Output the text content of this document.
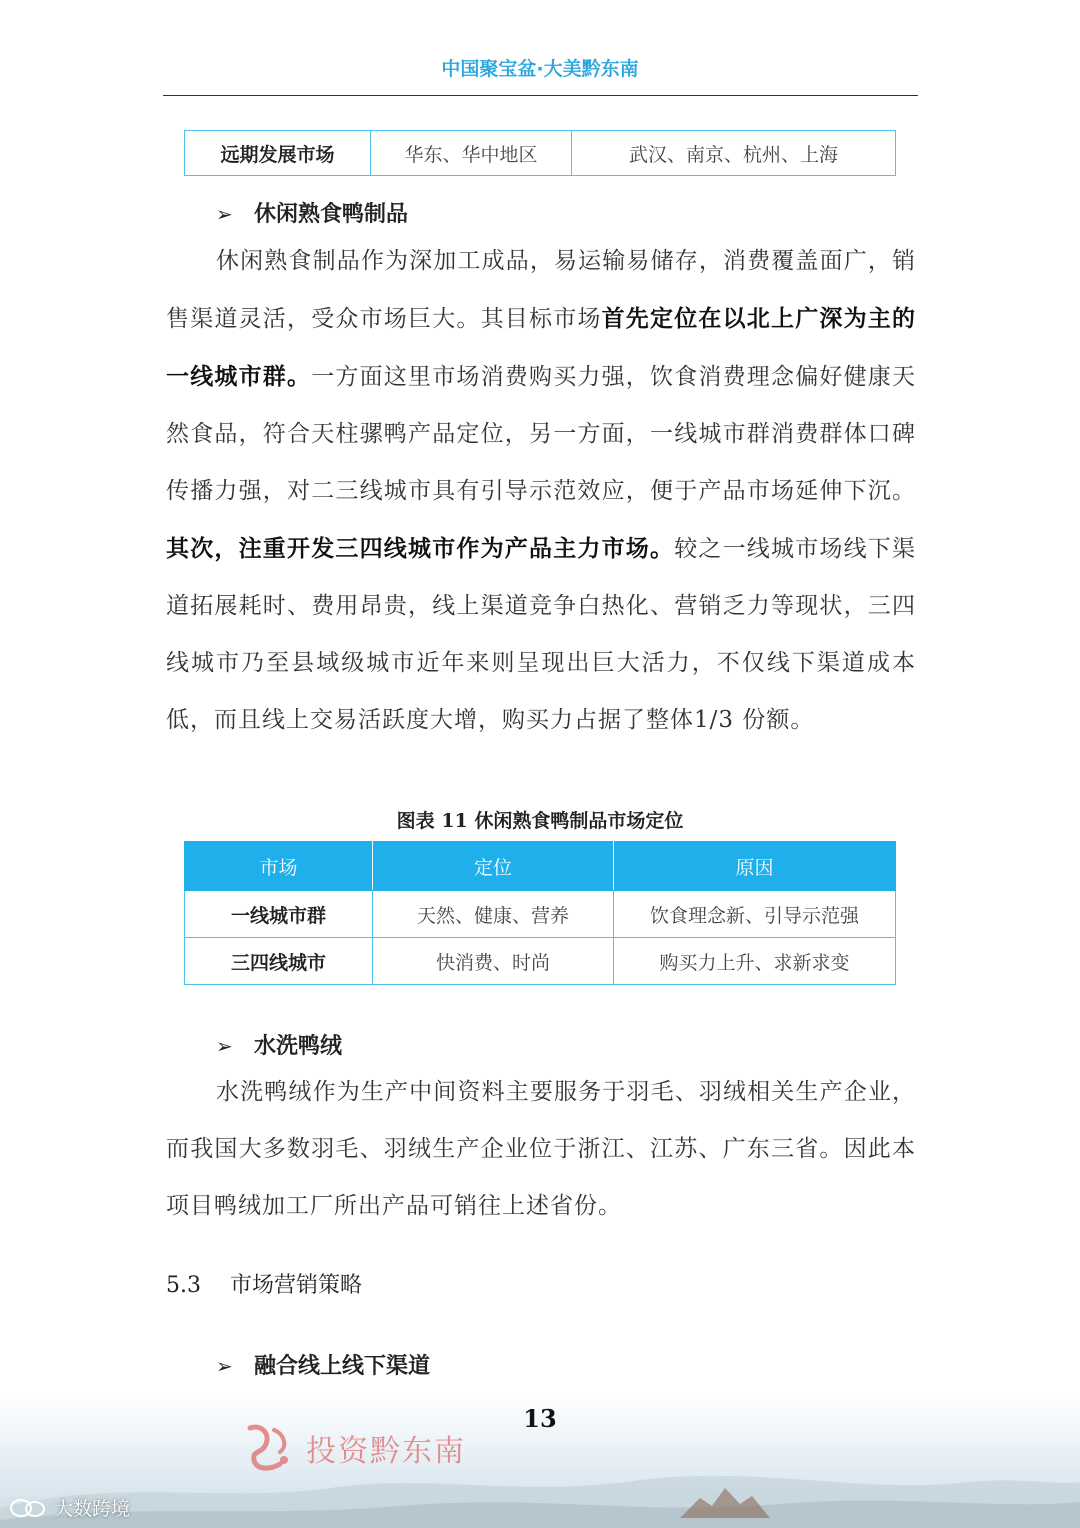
中国聚宝盆·大美黔东南
远期发展市场	华东、华中地区	武汉、南京、杭州、上海
➢ 休闲熟食鸭制品
休闲熟食制品作为深加工成品，易运输易储存，消费覆盖面广，销售渠道灵活，受众市场巨大。其目标市场首先定位在以北上广深为主的一线城市群。一方面这里市场消费购买力强，饮食消费理念偏好健康天然食品，符合天柱骡鸭产品定位，另一方面，一线城市群消费群体口碑传播力强，对二三线城市具有引导示范效应，便于产品市场延伸下沉。其次，注重开发三四线城市作为产品主力市场。较之一线城市场线下渠道拓展耗时、费用昂贵，线上渠道竞争白热化、营销乏力等现状，三四线城市乃至县域级城市近年来则呈现出巨大活力，不仅线下渠道成本低，而且线上交易活跃度大增，购买力占据了整体1/3 份额。
图表 11 休闲熟食鸭制品市场定位
市场	定位	原因
一线城市群	天然、健康、营养	饮食理念新、引导示范强
三四线城市	快消费、时尚	购买力上升、求新求变
➢ 水洗鸭绒
水洗鸭绒作为生产中间资料主要服务于羽毛、羽绒相关生产企业，而我国大多数羽毛、羽绒生产企业位于浙江、江苏、广东三省。因此本项目鸭绒加工厂所出产品可销往上述省份。
5.3 市场营销策略
➢ 融合线上线下渠道
投资黔东南
13
大数跨境
